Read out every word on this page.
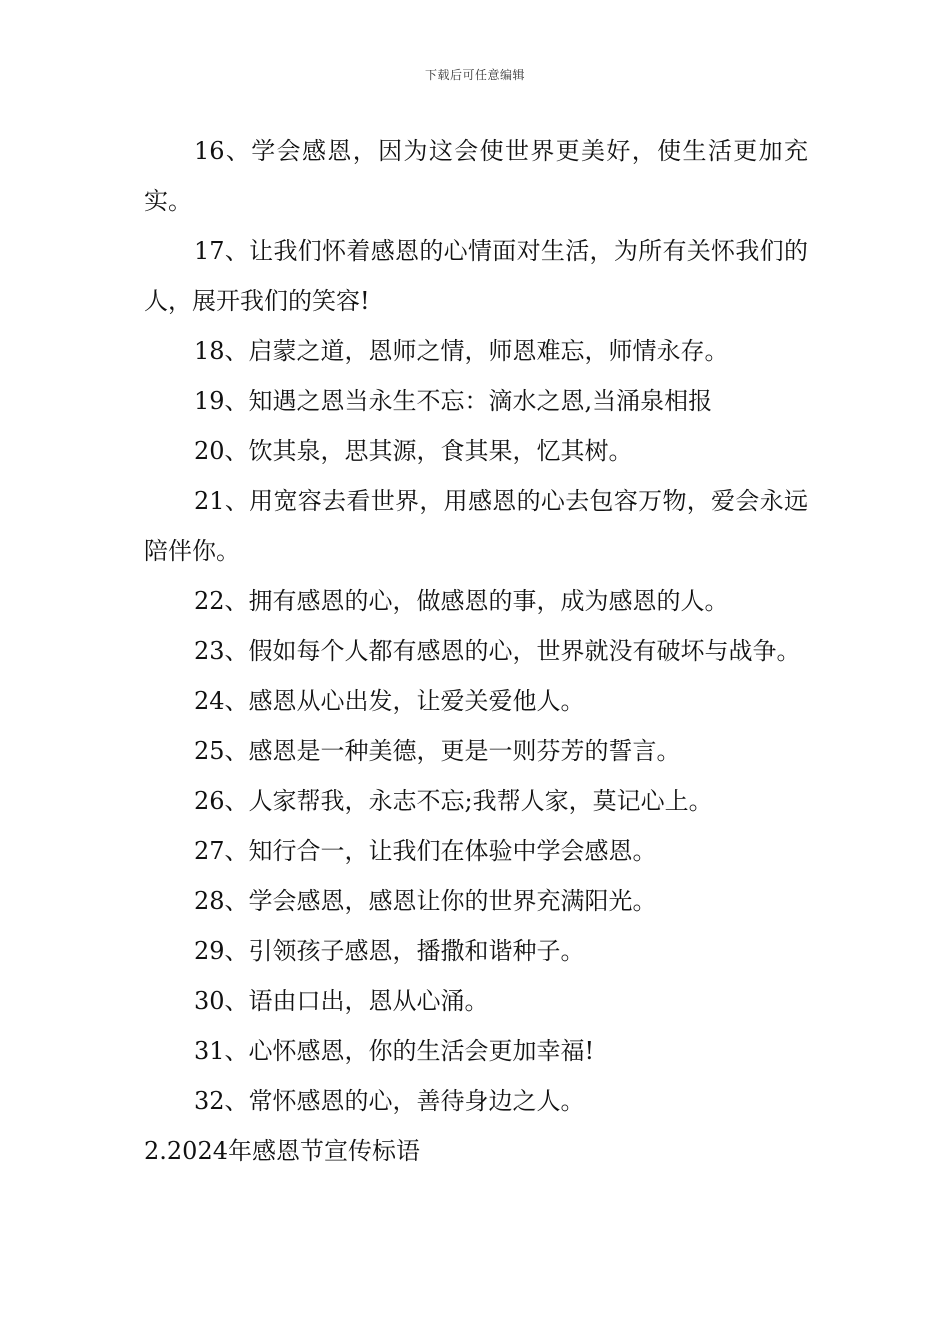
下载后可任意编辑

16、学会感恩，因为这会使世界更美好，使生活更加充实。

17、让我们怀着感恩的心情面对生活，为所有关怀我们的人，展开我们的笑容!

18、启蒙之道，恩师之情，师恩难忘，师情永存。

19、知遇之恩当永生不忘：滴水之恩,当涌泉相报

20、饮其泉，思其源，食其果，忆其树。

21、用宽容去看世界，用感恩的心去包容万物，爱会永远陪伴你。

22、拥有感恩的心，做感恩的事，成为感恩的人。

23、假如每个人都有感恩的心，世界就没有破坏与战争。

24、感恩从心出发，让爱关爱他人。

25、感恩是一种美德，更是一则芬芳的誓言。

26、人家帮我，永志不忘;我帮人家，莫记心上。

27、知行合一，让我们在体验中学会感恩。

28、学会感恩，感恩让你的世界充满阳光。

29、引领孩子感恩，播撒和谐种子。

30、语由口出，恩从心涌。

31、心怀感恩，你的生活会更加幸福!

32、常怀感恩的心，善待身边之人。

2.2024年感恩节宣传标语
